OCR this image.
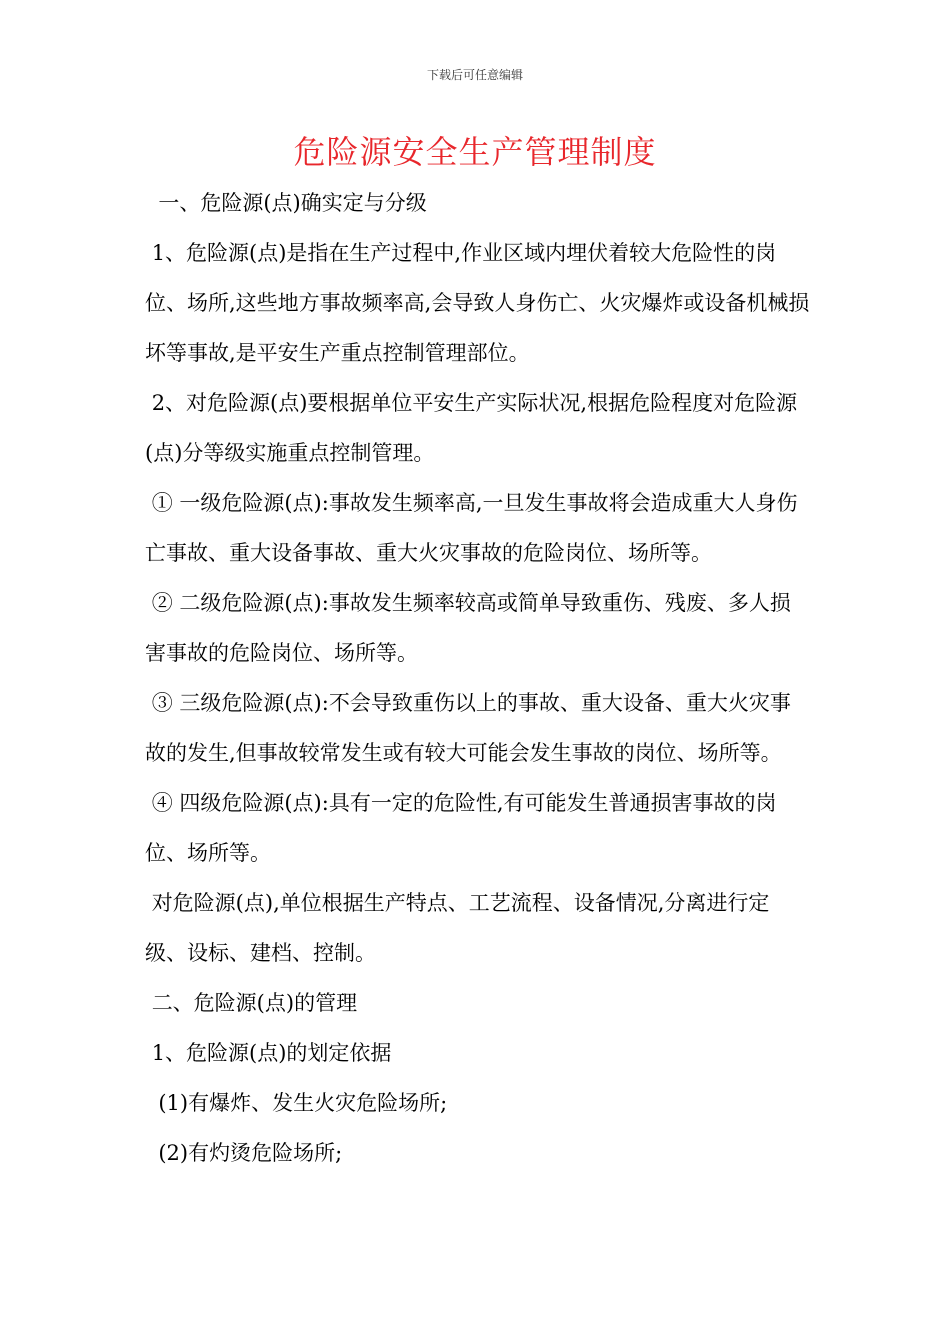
下载后可任意编辑
危险源安全生产管理制度

一、危险源(点)确实定与分级

1、危险源(点)是指在生产过程中,作业区域内埋伏着较大危险性的岗位、场所,这些地方事故频率高,会导致人身伤亡、火灾爆炸或设备机械损坏等事故,是平安生产重点控制管理部位。

2、对危险源(点)要根据单位平安生产实际状况,根据危险程度对危险源(点)分等级实施重点控制管理。

① 一级危险源(点):事故发生频率高,一旦发生事故将会造成重大人身伤亡事故、重大设备事故、重大火灾事故的危险岗位、场所等。

② 二级危险源(点):事故发生频率较高或简单导致重伤、残废、多人损害事故的危险岗位、场所等。

③ 三级危险源(点):不会导致重伤以上的事故、重大设备、重大火灾事故的发生,但事故较常发生或有较大可能会发生事故的岗位、场所等。

④ 四级危险源(点):具有一定的危险性,有可能发生普通损害事故的岗位、场所等。

对危险源(点),单位根据生产特点、工艺流程、设备情况,分离进行定级、设标、建档、控制。

二、危险源(点)的管理

1、危险源(点)的划定依据

(1)有爆炸、发生火灾危险场所;

(2)有灼烫危险场所;
